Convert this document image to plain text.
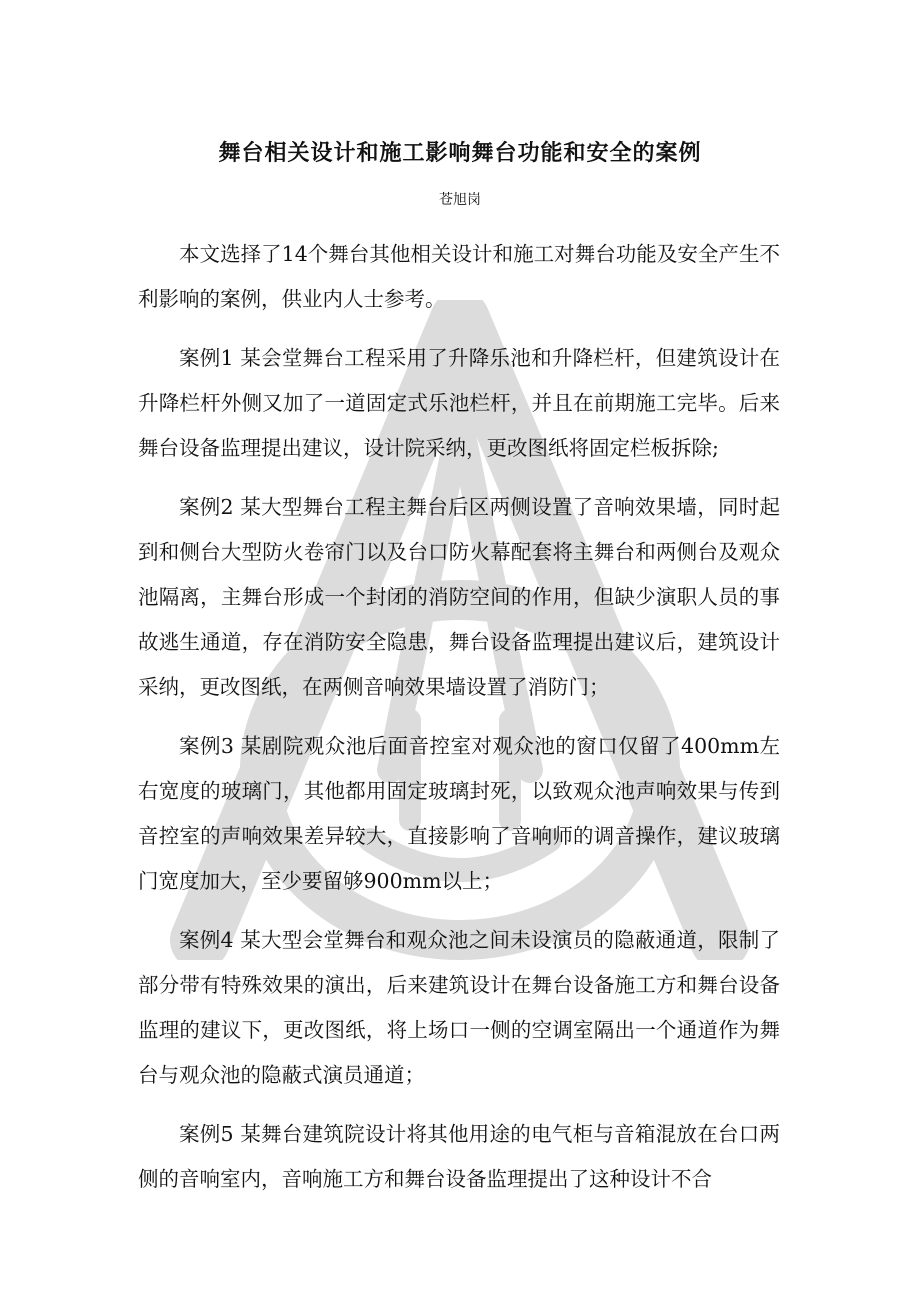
舞台相关设计和施工影响舞台功能和安全的案例

苍旭岗

本文选择了14个舞台其他相关设计和施工对舞台功能及安全产生不利影响的案例，供业内人士参考。

案例1 某会堂舞台工程采用了升降乐池和升降栏杆，但建筑设计在升降栏杆外侧又加了一道固定式乐池栏杆，并且在前期施工完毕。后来舞台设备监理提出建议，设计院采纳，更改图纸将固定栏板拆除;

案例2 某大型舞台工程主舞台后区两侧设置了音响效果墙，同时起到和侧台大型防火卷帘门以及台口防火幕配套将主舞台和两侧台及观众池隔离，主舞台形成一个封闭的消防空间的作用，但缺少演职人员的事故逃生通道，存在消防安全隐患，舞台设备监理提出建议后，建筑设计采纳，更改图纸，在两侧音响效果墙设置了消防门；

案例3 某剧院观众池后面音控室对观众池的窗口仅留了400mm左右宽度的玻璃门，其他都用固定玻璃封死，以致观众池声响效果与传到音控室的声响效果差异较大，直接影响了音响师的调音操作，建议玻璃门宽度加大，至少要留够900mm以上；

案例4 某大型会堂舞台和观众池之间未设演员的隐蔽通道，限制了部分带有特殊效果的演出，后来建筑设计在舞台设备施工方和舞台设备监理的建议下，更改图纸，将上场口一侧的空调室隔出一个通道作为舞台与观众池的隐蔽式演员通道；

案例5 某舞台建筑院设计将其他用途的电气柜与音箱混放在台口两侧的音响室内，音响施工方和舞台设备监理提出了这种设计不合
